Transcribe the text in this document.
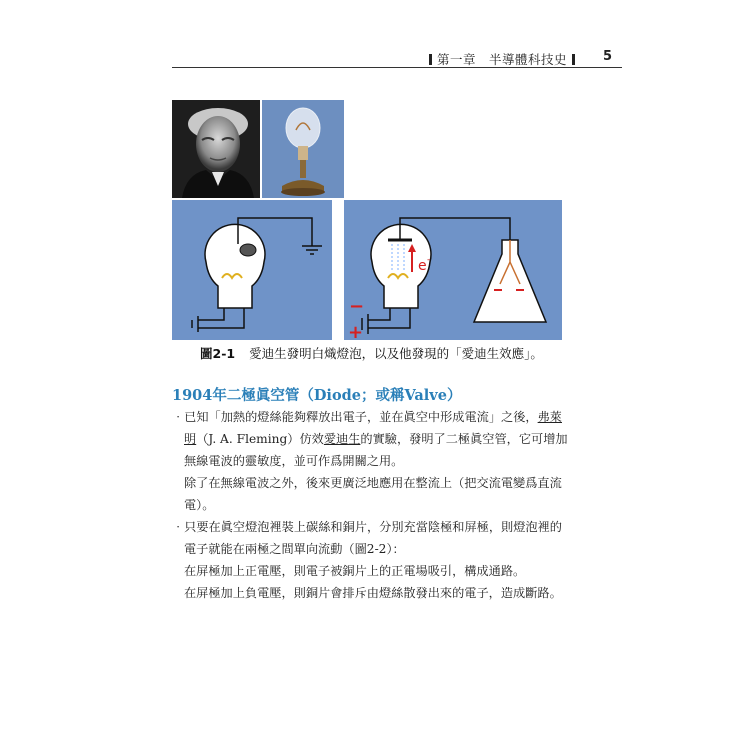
第一章　半導體科技史	5
e -
−
+
圖2-1 愛迪生發明白熾燈泡，以及他發現的「愛迪生效應」。
1904年二極眞空管（Diode；或稱Valve）
‧已知「加熱的燈絲能夠釋放出電子，並在眞空中形成電流」之後，弗萊
明（J. A. Fleming）仿效愛迪生的實驗，發明了二極眞空管，它可增加
無線電波的靈敏度，並可作爲開關之用。
除了在無線電波之外，後來更廣泛地應用在整流上（把交流電變爲直流
電）。
‧只要在眞空燈泡裡裝上碳絲和銅片，分別充當陰極和屏極，則燈泡裡的
電子就能在兩極之間單向流動（圖2-2）：
在屏極加上正電壓，則電子被銅片上的正電場吸引，構成通路。
在屏極加上負電壓，則銅片會排斥由燈絲散發出來的電子，造成斷路。
